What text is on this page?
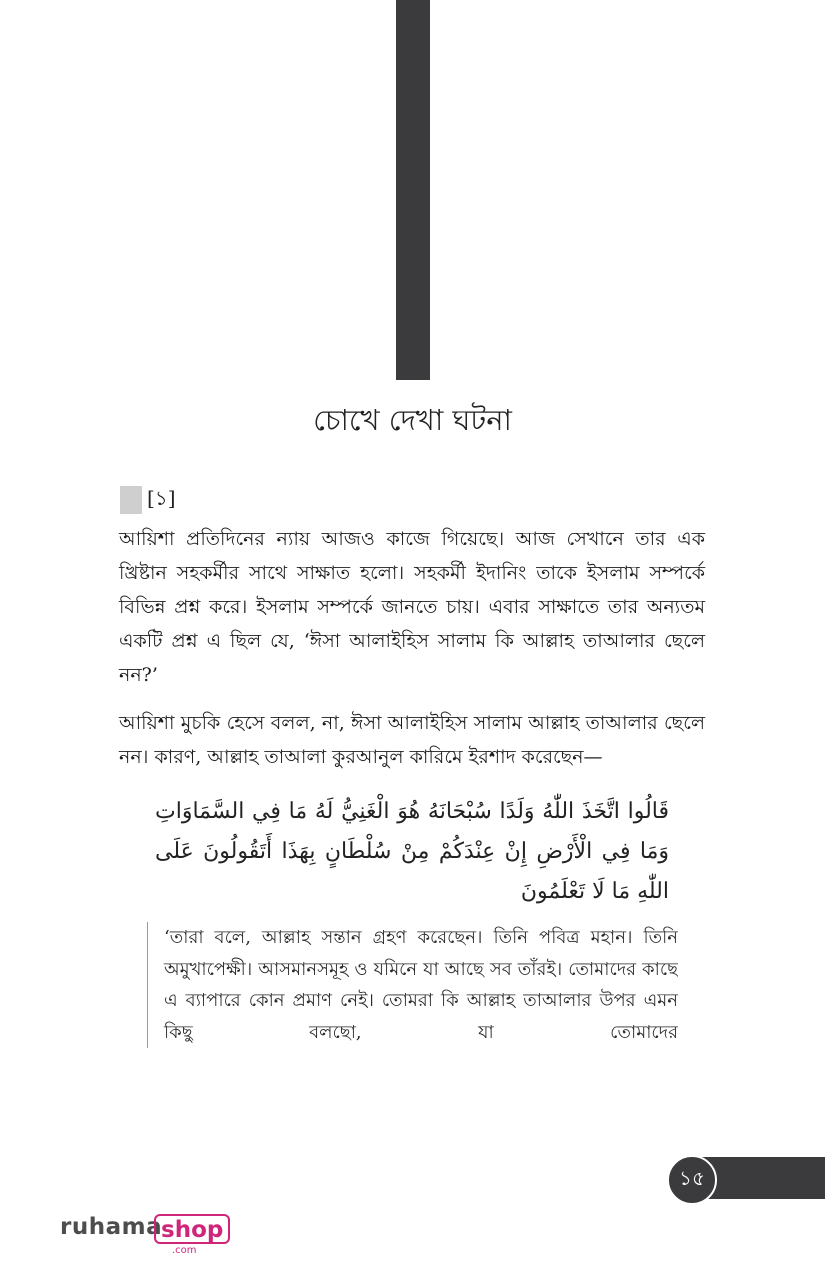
চোখে দেখা ঘটনা
[১]

আয়িশা প্রতিদিনের ন্যায় আজও কাজে গিয়েছে। আজ সেখানে তার এক খ্রিষ্টান সহকর্মীর সাথে সাক্ষাত হলো। সহকর্মী ইদানিং তাকে ইসলাম সম্পর্কে বিভিন্ন প্রশ্ন করে। ইসলাম সম্পর্কে জানতে চায়। এবার সাক্ষাতে তার অন্যতম একটি প্রশ্ন এ ছিল যে, ‘ঈসা আলাইহিস সালাম কি আল্লাহ তাআলার ছেলে নন?’

আয়িশা মুচকি হেসে বলল, না, ঈসা আলাইহিস সালাম আল্লাহ তাআলার ছেলে নন। কারণ, আল্লাহ তাআলা কুরআনুল কারিমে ইরশাদ করেছেন—

قَالُوا اتَّخَذَ اللّٰهُ وَلَدًا سُبْحَانَهُ هُوَ الْغَنِيُّ لَهُ مَا فِي السَّمَاوَاتِ وَمَا فِي الْأَرْضِ إِنْ عِنْدَكُمْ مِنْ سُلْطَانٍ بِهَذَا أَتَقُولُونَ عَلَى اللّٰهِ مَا لَا تَعْلَمُونَ
‘তারা বলে, আল্লাহ সন্তান গ্রহণ করেছেন। তিনি পবিত্র মহান। তিনি অমুখাপেক্ষী। আসমানসমূহ ও যমিনে যা আছে সব তাঁরই। তোমাদের কাছে এ ব্যাপারে কোন প্রমাণ নেই। তোমরা কি আল্লাহ তাআলার উপর এমন কিছু বলছো, যা তোমাদের
১৫
ruhama
shop
.com
